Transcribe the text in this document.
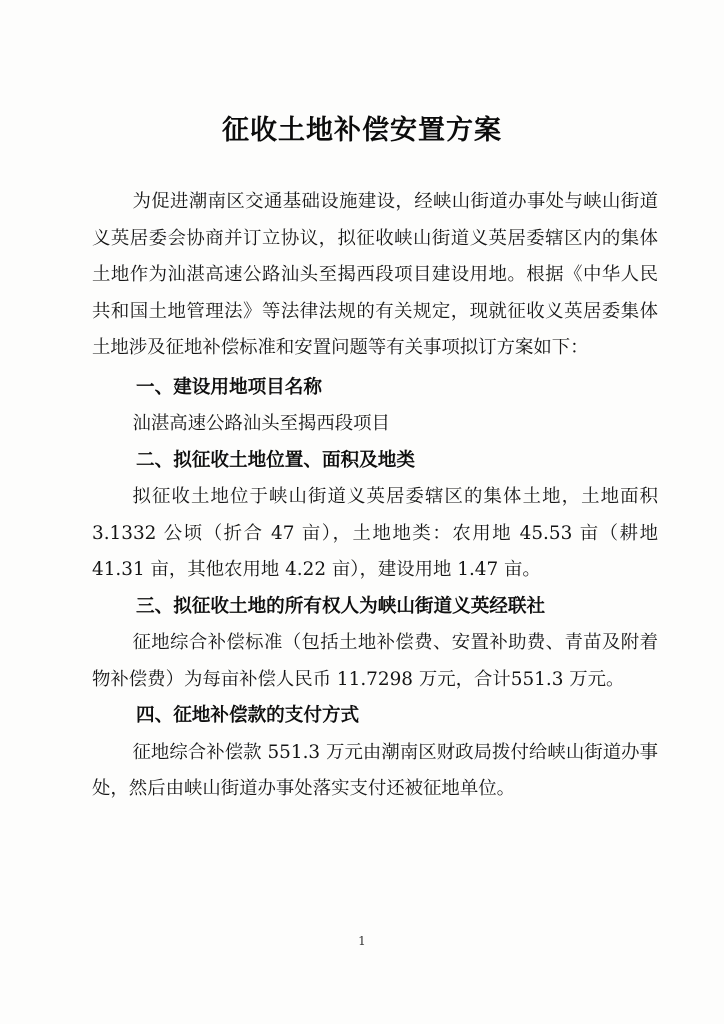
征收土地补偿安置方案

为促进潮南区交通基础设施建设，经峡山街道办事处与峡山街道义英居委会协商并订立协议，拟征收峡山街道义英居委辖区内的集体土地作为汕湛高速公路汕头至揭西段项目建设用地。根据《中华人民共和国土地管理法》等法律法规的有关规定，现就征收义英居委集体土地涉及征地补偿标准和安置问题等有关事项拟订方案如下：

一、建设用地项目名称

汕湛高速公路汕头至揭西段项目

二、拟征收土地位置、面积及地类

拟征收土地位于峡山街道义英居委辖区的集体土地，土地面积 3.1332 公顷（折合 47 亩），土地地类：农用地 45.53 亩（耕地 41.31 亩，其他农用地 4.22 亩），建设用地 1.47 亩。

三、拟征收土地的所有权人为峡山街道义英经联社

征地综合补偿标准（包括土地补偿费、安置补助费、青苗及附着物补偿费）为每亩补偿人民币 11.7298 万元，合计551.3 万元。

四、征地补偿款的支付方式

征地综合补偿款 551.3 万元由潮南区财政局拨付给峡山街道办事处，然后由峡山街道办事处落实支付还被征地单位。

1
